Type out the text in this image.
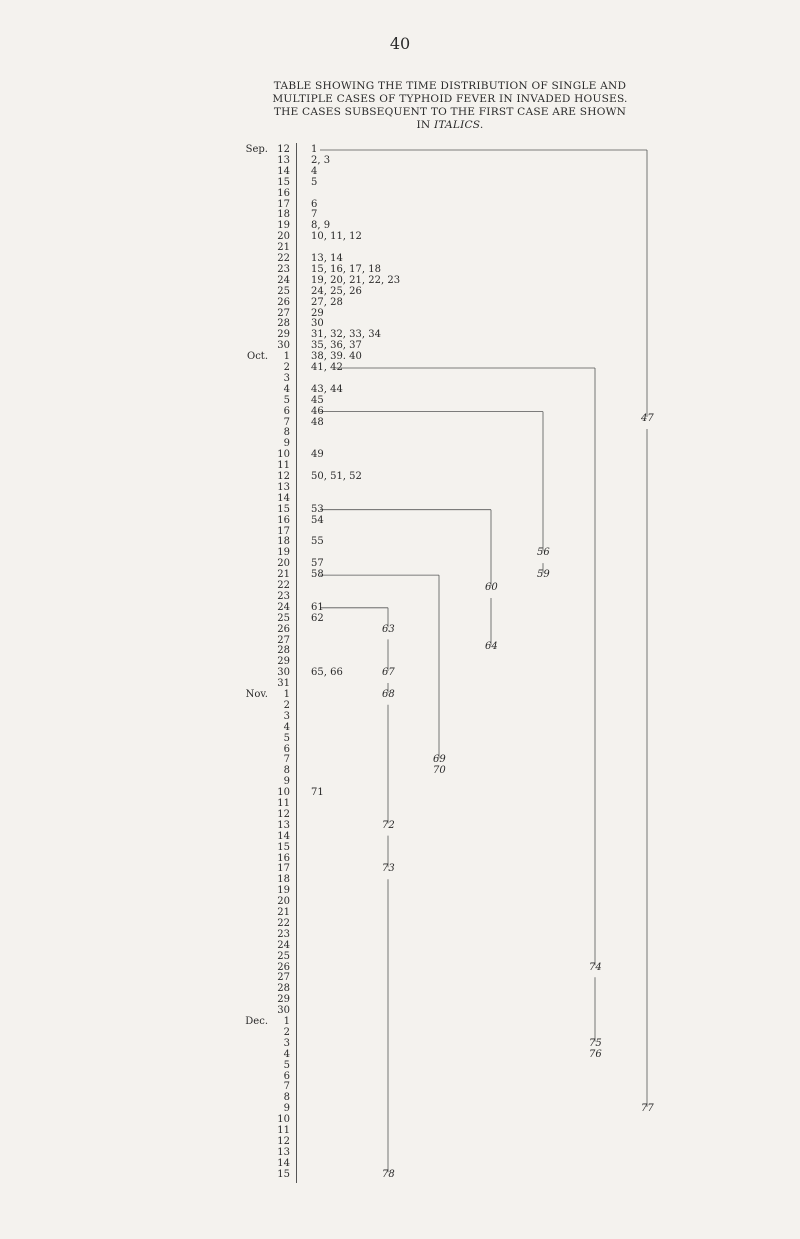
40
TABLE SHOWING THE TIME DISTRIBUTION OF SINGLE AND
MULTIPLE CASES OF TYPHOID FEVER IN INVADED HOUSES.
THE CASES SUBSEQUENT TO THE FIRST CASE ARE SHOWN
IN ITALICS.
Sep.
Oct.
Nov.
Dec.
12
13
14
15
16
17
18
19
20
21
22
23
24
25
26
27
28
29
30
1
2
3
4
5
6
7
8
9
10
11
12
13
14
15
16
17
18
19
20
21
22
23
24
25
26
27
28
29
30
31
1
2
3
4
5
6
7
8
9
10
11
12
13
14
15
16
17
18
19
20
21
22
23
24
25
26
27
28
29
30
1
2
3
4
5
6
7
8
9
10
11
12
13
14
15
1
2, 3
4
5
6
7
8, 9
10, 11, 12
13, 14
15, 16, 17, 18
19, 20, 21, 22, 23
24, 25, 26
27, 28
29
30
31, 32, 33, 34
35, 36, 37
38, 39. 40
41, 42
43, 44
45
46
48
49
50, 51, 52
53
54
55
57
58
61
62
65, 66
71
47
56
59
60
63
64
67
68
69
70
72
73
74
75
76
77
78
